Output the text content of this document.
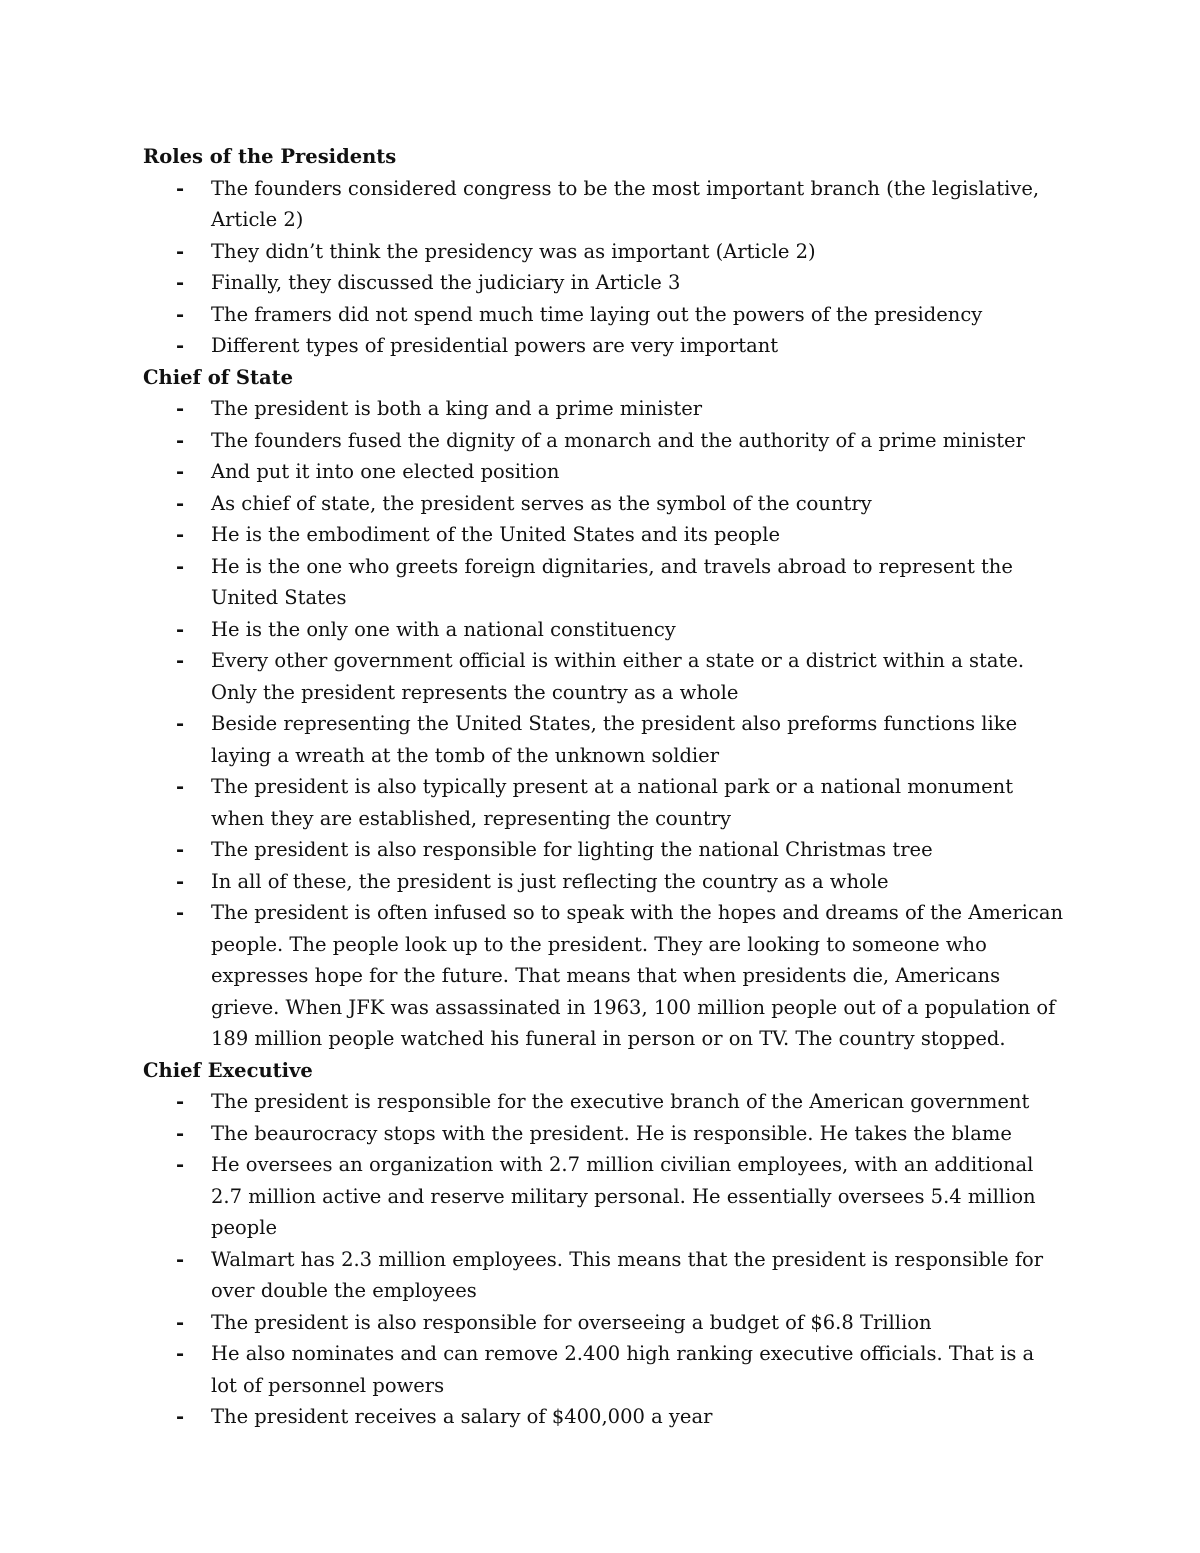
Roles of the Presidents
- The founders considered congress to be the most important branch (the legislative, Article 2)
- They didn’t think the presidency was as important (Article 2)
- Finally, they discussed the judiciary in Article 3
- The framers did not spend much time laying out the powers of the presidency
- Different types of presidential powers are very important
Chief of State
- The president is both a king and a prime minister
- The founders fused the dignity of a monarch and the authority of a prime minister
- And put it into one elected position
- As chief of state, the president serves as the symbol of the country
- He is the embodiment of the United States and its people
- He is the one who greets foreign dignitaries, and travels abroad to represent the United States
- He is the only one with a national constituency
- Every other government official is within either a state or a district within a state. Only the president represents the country as a whole
- Beside representing the United States, the president also preforms functions like laying a wreath at the tomb of the unknown soldier
- The president is also typically present at a national park or a national monument when they are established, representing the country
- The president is also responsible for lighting the national Christmas tree
- In all of these, the president is just reflecting the country as a whole
- The president is often infused so to speak with the hopes and dreams of the American people. The people look up to the president. They are looking to someone who expresses hope for the future. That means that when presidents die, Americans grieve. When JFK was assassinated in 1963, 100 million people out of a population of 189 million people watched his funeral in person or on TV. The country stopped.
Chief Executive
- The president is responsible for the executive branch of the American government
- The beaurocracy stops with the president. He is responsible. He takes the blame
- He oversees an organization with 2.7 million civilian employees, with an additional 2.7 million active and reserve military personal. He essentially oversees 5.4 million people
- Walmart has 2.3 million employees. This means that the president is responsible for over double the employees
- The president is also responsible for overseeing a budget of $6.8 Trillion
- He also nominates and can remove 2.400 high ranking executive officials. That is a lot of personnel powers
- The president receives a salary of $400,000 a year
